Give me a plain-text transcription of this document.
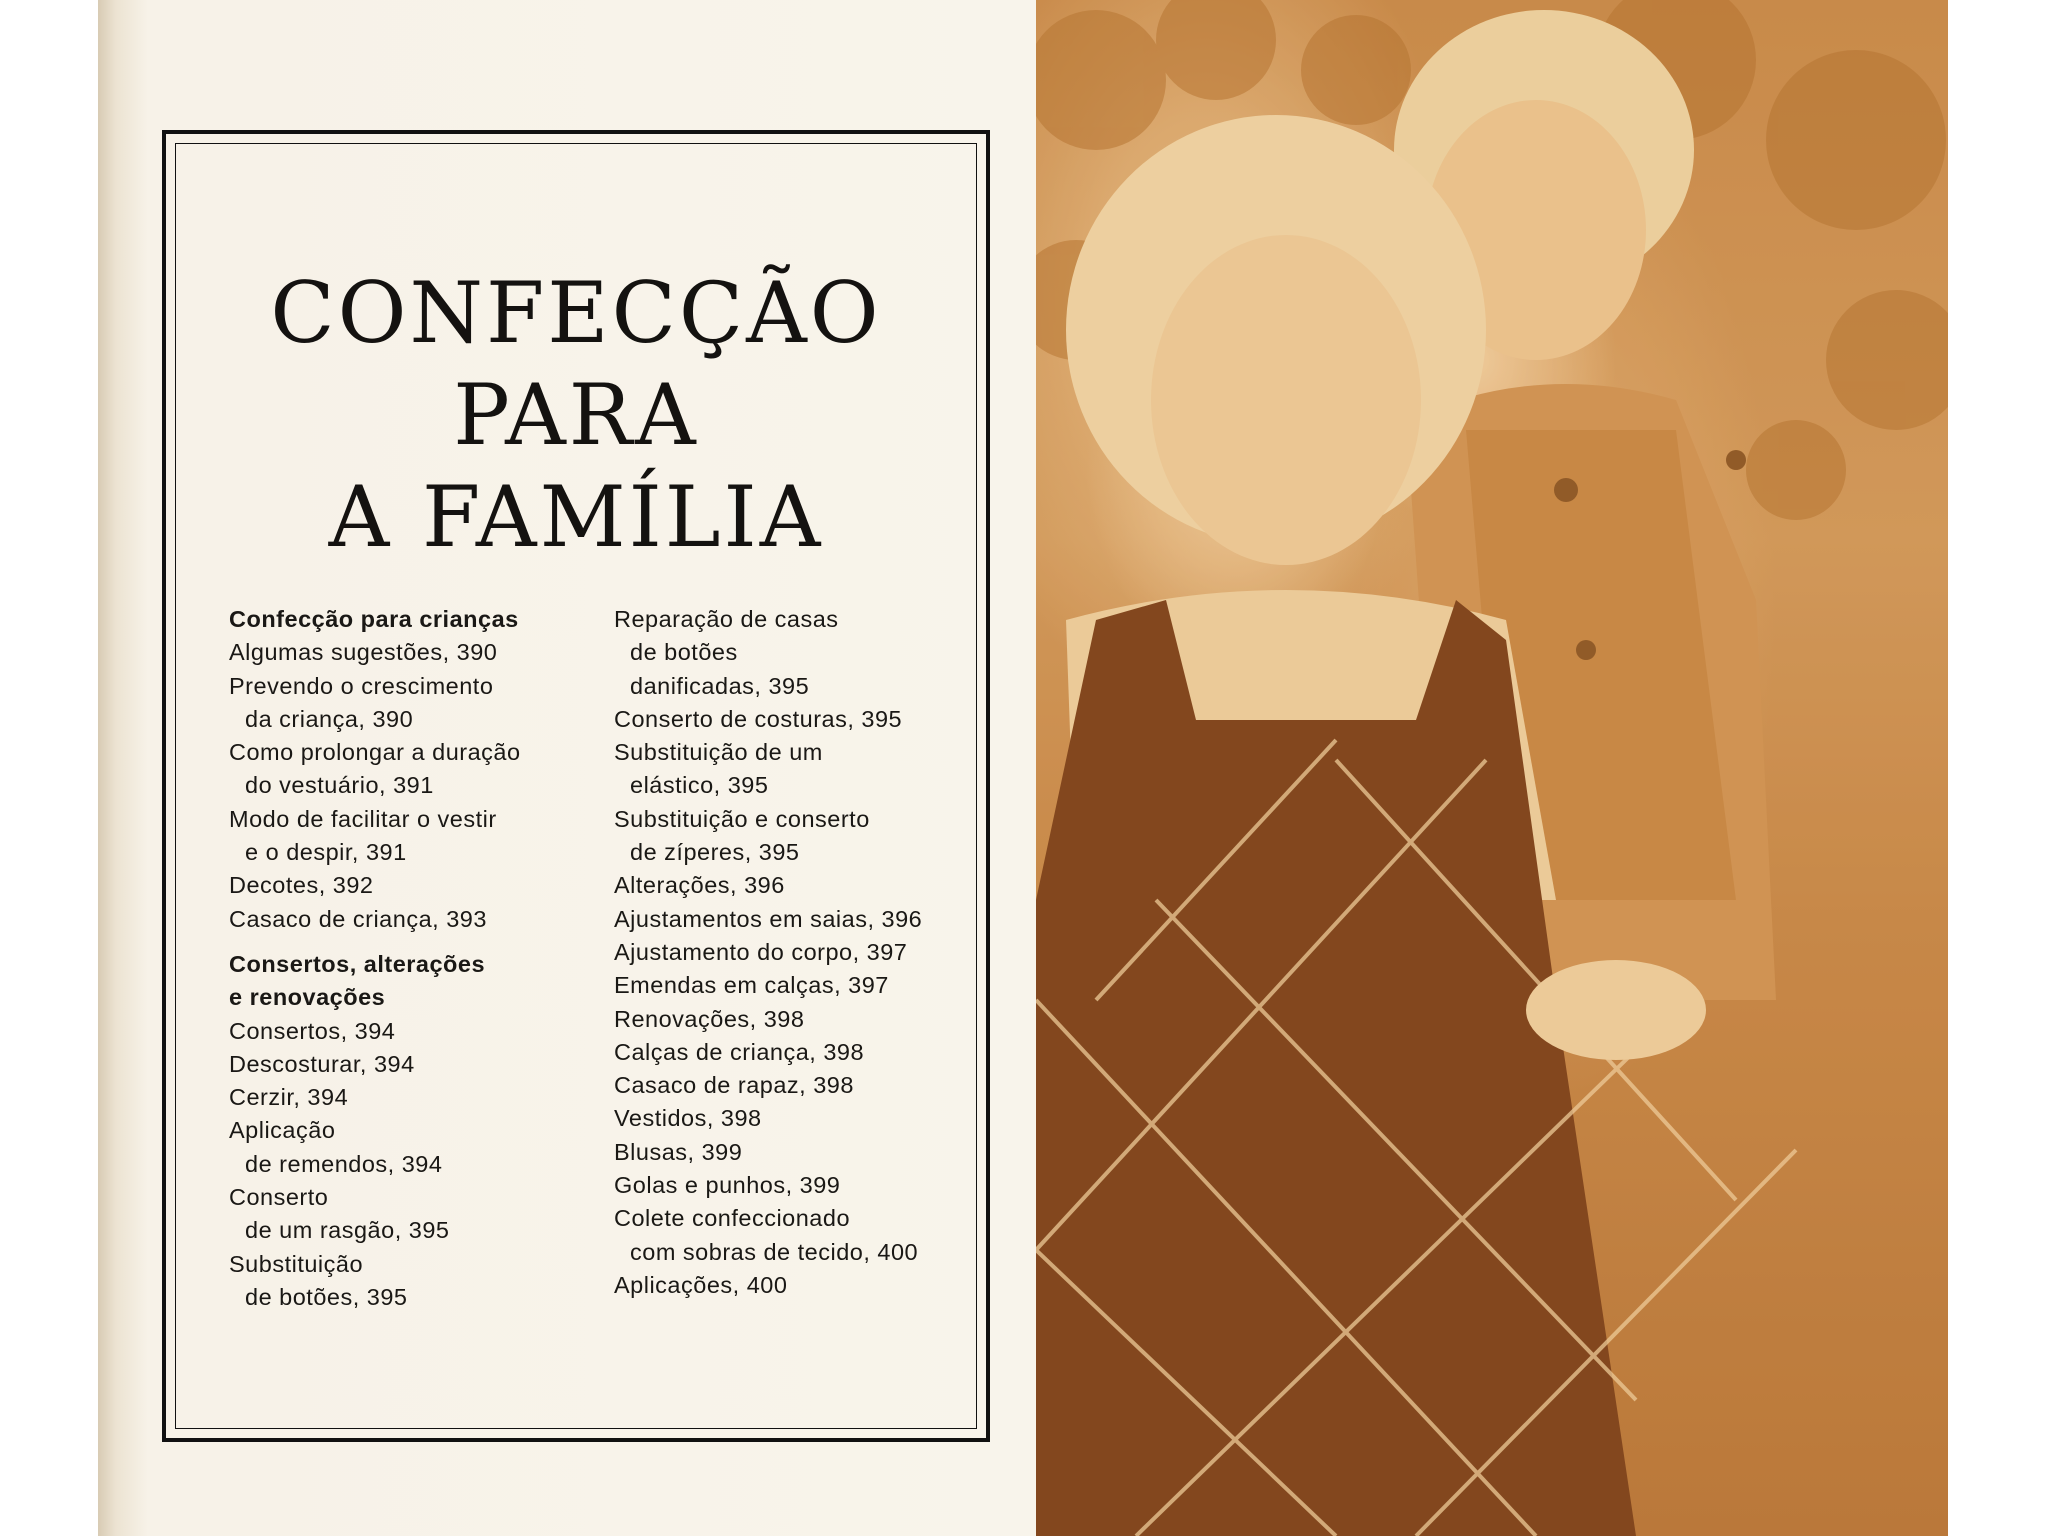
CONFECÇÃO
PARA
A FAMÍLIA
Confecção para crianças
Algumas sugestões, 390
Prevendo o crescimento
da criança, 390
Como prolongar a duração
do vestuário, 391
Modo de facilitar o vestir
e o despir, 391
Decotes, 392
Casaco de criança, 393
Consertos, alterações
e renovações
Consertos, 394
Descosturar, 394
Cerzir, 394
Aplicação
de remendos, 394
Conserto
de um rasgão, 395
Substituição
de botões, 395
Reparação de casas
de botões
danificadas, 395
Conserto de costuras, 395
Substituição de um
elástico, 395
Substituição e conserto
de zíperes, 395
Alterações, 396
Ajustamentos em saias, 396
Ajustamento do corpo, 397
Emendas em calças, 397
Renovações, 398
Calças de criança, 398
Casaco de rapaz, 398
Vestidos, 398
Blusas, 399
Golas e punhos, 399
Colete confeccionado
com sobras de tecido, 400
Aplicações, 400
